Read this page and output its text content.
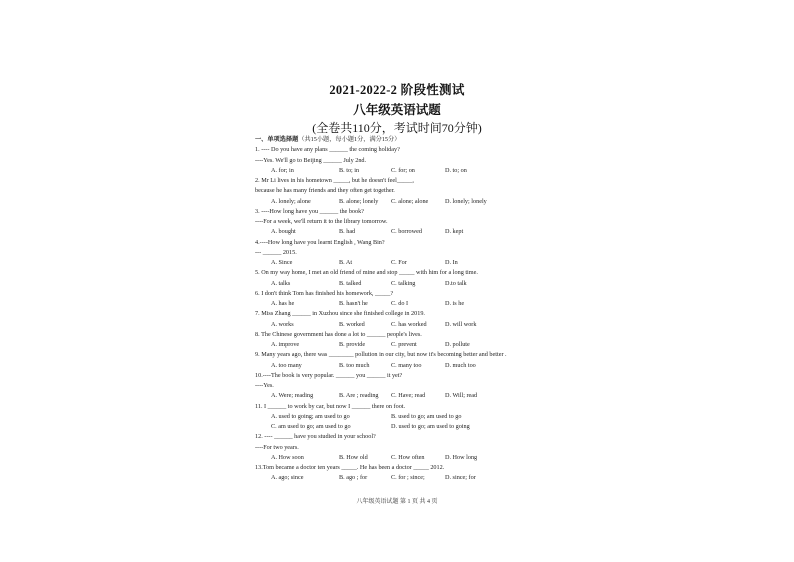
2021-2022-2 阶段性测试
八年级英语试题
(全卷共110分，考试时间70分钟)
一、单项选择题（共15小题，每小题1分，满分15分）
1. ---- Do you have any plans ______ the coming holiday?
----Yes. We'll go to Beijing ______ July 2nd.
A. for; in	B. to; in	C. for; on	D. to; on
2. Mr Li lives in his hometown _____, but he doesn't feel_____,
because he has many friends and they often get together.
A. lonely; alone	B. alone; lonely C. alone; alone	D. lonely; lonely
3. ----How long have you ______ the book?
----For a week, we'll return it to the library tomorrow.
A. bought	B. had	C. borrowed	D. kept
4.----How long have you learnt English , Wang Bin?
--- ______ 2015.
A. Since	B. At	C. For	D. In
5. On my way home, I met an old friend of mine and stop _____ with him for a long time.
A. talks	B. talked	C. talking	D.to talk
6. I don't think Tom has finished his homework, _____?
A. has he	B. hasn't he	C. do I	D. is he
7. Miss Zhang ______ in Xuzhou since she finished college in 2019.
A. works	B. worked	C. has worked	D. will work
8. The Chinese government has done a lot to ______ people's lives.
A. improve	B. provide	C. prevent	D. pollute
9. Many years ago, there was ________ pollution in our city, but now it's becoming better and better .
A. too many	B. too much	C. many too	D. much too
10.----The book is very popular. ______ you ______ it yet?
----Yes.
A. Were; reading	B. Are ; reading C. Have; read	D. Will; read
11. I ______ to work by car, but now I ______ there on foot.
A. used to going; am used to go	B. used to go; am used to go
C. am used to go; am used to go	D. used to go; am used to going
12. ---- ______ have you studied in your school?
----For two years.
A. How soon	B. How old	C. How often	D. How long
13.Tom became a doctor ten years _____. He has been a doctor _____ 2012.
A. ago; since	B. ago ; for	C. for ; since;	D. since; for
八年级英语试题 第 1 页 共 4 页
